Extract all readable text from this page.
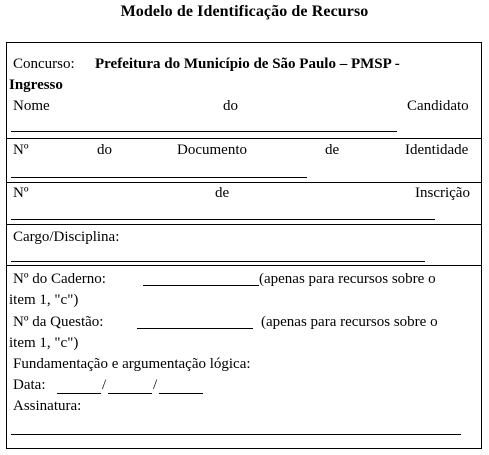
Modelo de Identificação de Recurso
Concurso: Prefeitura do Município de São Paulo – PMSP -
Ingresso
Nome	do	Candidato
Nº	do	Documento	de	Identidade
Nº	de	Inscrição
Cargo/Disciplina:
Nº do Caderno:	(apenas para recursos sobre o
item 1, "c")
Nº da Questão:	(apenas para recursos sobre o
item 1, "c")
Fundamentação e argumentação lógica:
Data:	/	/
Assinatura:
